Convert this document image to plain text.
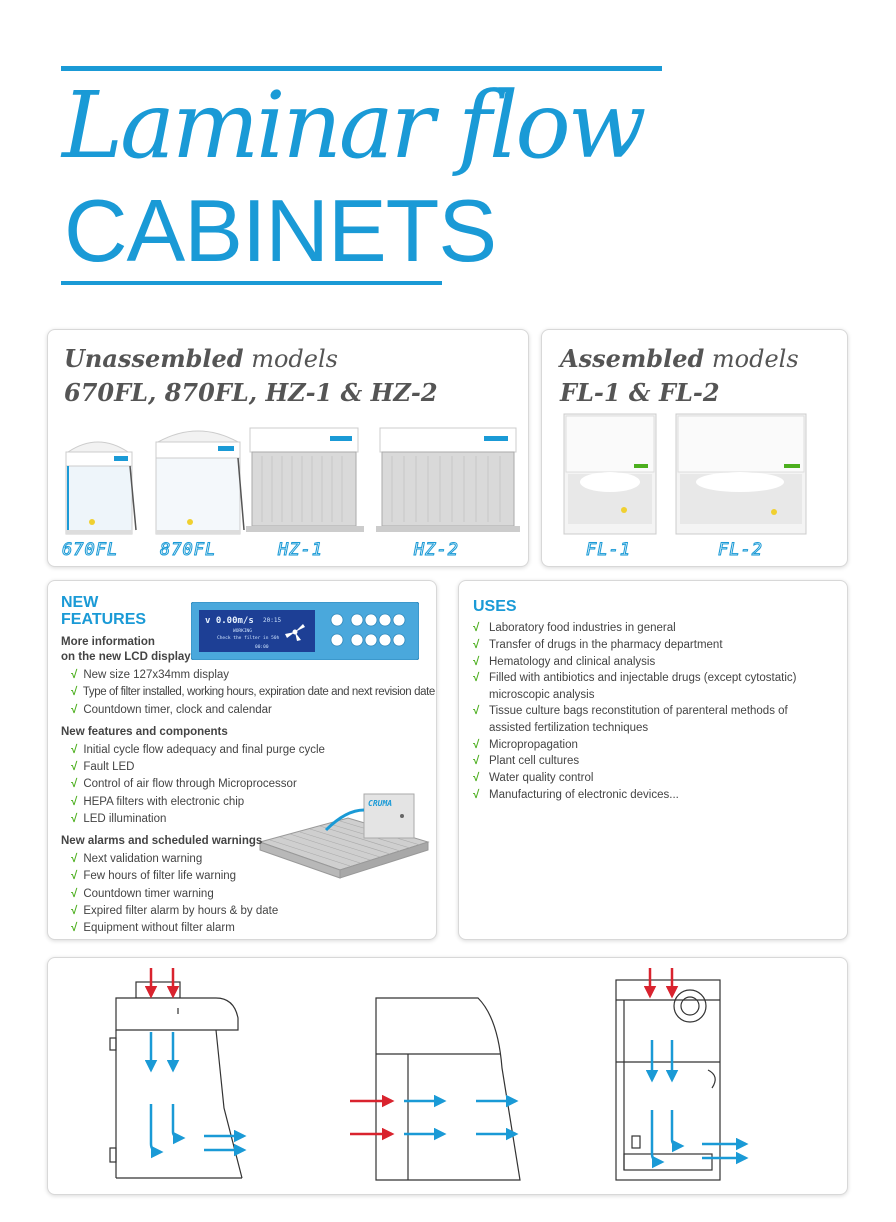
Laminar flow
CABINETS
Unassembled models
670FL, 870FL, HZ-1 & HZ-2
670FL 870FL	HZ-1	HZ-2
Assembled models
FL-1 & FL-2
FL-1	FL-2
NEW
FEATURES
More information
on the new LCD display
v 0.00m/s 20:15
WORKING
Check the filter in 50h
00:00
√ New size 127x34mm display
√ Type of filter installed, working hours, expiration date and next revision date
√ Countdown timer, clock and calendar
New features and components
√ Initial cycle flow adequacy and final purge cycle
√ Fault LED
√ Control of air flow through Microprocessor
√ HEPA filters with electronic chip
√ LED illumination
CRUMA
New alarms and scheduled warnings
√ Next validation warning
√ Few hours of filter life warning
√ Countdown timer warning
√ Expired filter alarm by hours & by date
√ Equipment without filter alarm
USES
√ Laboratory food industries in general
√ Transfer of drugs in the pharmacy department
√ Hematology and clinical analysis
√ Filled with antibiotics and injectable drugs (except cytostatic) microscopic analysis
√ Tissue culture bags reconstitution of parenteral methods of assisted fertilization techniques
√ Micropropagation
√ Plant cell cultures
√ Water quality control
√ Manufacturing of electronic devices...
